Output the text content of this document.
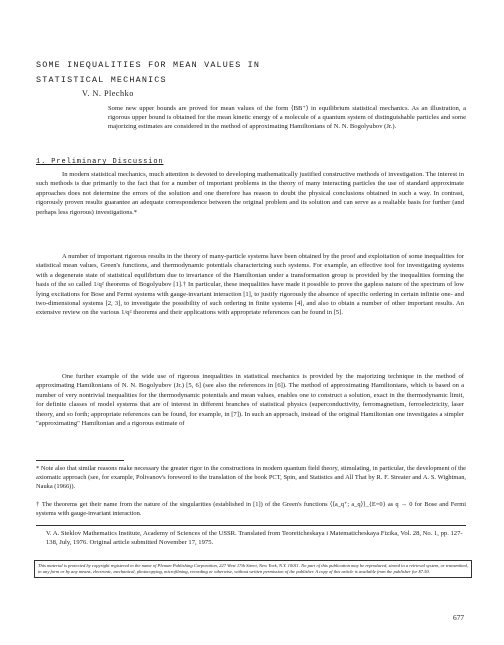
SOME INEQUALITIES FOR MEAN VALUES IN
STATISTICAL MECHANICS
V. N. Plechko
Some new upper bounds are proved for mean values of the form ⟨BB⁺⟩ in equilibrium statistical mechanics. As an illustration, a rigorous upper bound is obtained for the mean kinetic energy of a molecule of a quantum system of distinguishable particles and some majorizing estimates are considered in the method of approximating Hamiltonians of N. N. Bogolyubov (Jr.).
1. Preliminary Discussion
In modern statistical mechanics, much attention is devoted to developing mathematically justified constructive methods of investigation. The interest in such methods is due primarily to the fact that for a number of important problems in the theory of many interacting particles the use of standard approximate approaches does not determine the errors of the solution and one therefore has reason to doubt the physical conclusions obtained in such a way. In contrast, rigorously proven results guarantee an adequate correspondence between the original problem and its solution and can serve as a realiable basis for further (and perhaps less rigorous) investigations.*
A number of important rigorous results in the theory of many-particle systems have been obtained by the proof and exploitation of some inequalities for statistical mean values, Green's functions, and thermodynamic potentials characterizing such systems. For example, an effective tool for investigating systems with a degenerate state of statistical equilibrium due to invariance of the Hamiltonian under a transformation group is provided by the inequalities forming the basis of the so called 1/q² theorems of Bogolyubov [1].† In particular, these inequalities have made it possible to prove the gapless nature of the spectrum of low lying excitations for Bose and Fermi systems with gauge-invariant interaction [1], to justify rigorously the absence of specific ordering in certain infinite one- and two-dimensional systems [2, 3], to investigate the possibility of such ordering in finite systems [4], and also to obtain a number of other important results. An extensive review on the various 1/q² theorems and their applications with appropriate references can be found in [5].
One further example of the wide use of rigorous inequalities in statistical mechanics is provided by the majorizing technique in the method of approximating Hamiltonians of N. N. Bogolyubov (Jr.) [5, 6] (see also the references in [6]). The method of approximating Hamiltonians, which is based on a number of very nontrivial inequalities for the thermodynamic potentials and mean values, enables one to construct a solution, exact in the thermodynamic limit, for definite classes of model systems that are of interest in different branches of statistical physics (superconductivity, ferromagnetism, ferroelectricity, laser theory, and so forth; appropriate references can be found, for example, in [7]). In such an approach, instead of the original Hamiltonian one investigates a simpler "approximating" Hamiltonian and a rigorous estimate of
* Note also that similar reasons make necessary the greater rigor in the constructions in modern quantum field theory, stimulating, in particular, the development of the axiomatic approach (see, for example, Polivanov's foreword to the translation of the book PCT, Spin, and Statistics and All That by R. F. Streater and A. S. Wightman, Nauka (1966)).
† The theorems get their name from the nature of the singularities (established in [1]) of the Green's functions ⟨⟨a_q⁺; a_q⟩⟩_{E=0} as q → 0 for Bose and Fermi systems with gauge-invariant interaction.
V. A. Steklov Mathematics Institute, Academy of Sciences of the USSR. Translated from Teoreticheskaya i Matematicheskaya Fizika, Vol. 28, No. 1, pp. 127-138, July, 1976. Original article submitted November 17, 1975.
This material is protected by copyright registered in the name of Plenum Publishing Corporation, 227 West 17th Street, New York, N.Y. 10011. No part of this publication may be reproduced, stored in a retrieval system, or transmitted, in any form or by any means, electronic, mechanical, photocopying, microfilming, recording or otherwise, without written permission of the publisher. A copy of this article is available from the publisher for $7.50.
677
